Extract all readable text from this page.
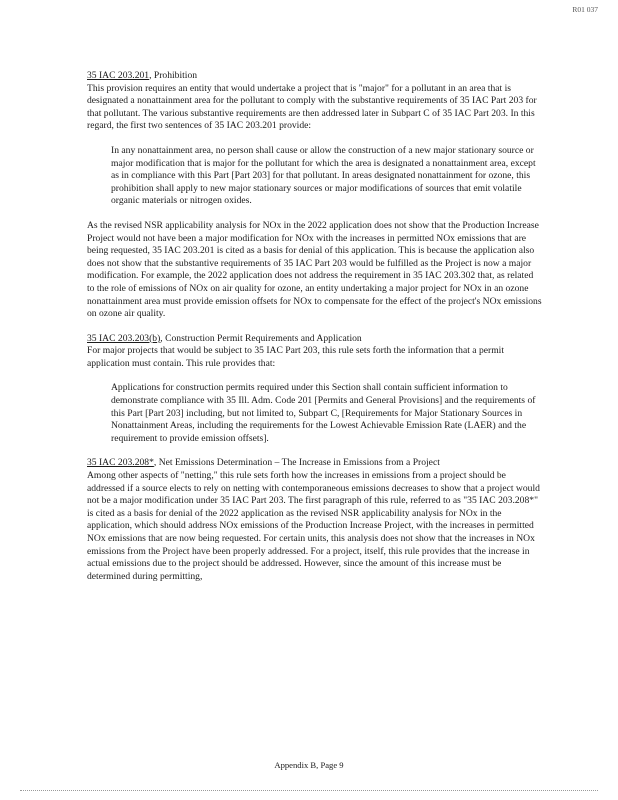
R01 037

35 IAC 203.201, Prohibition

This provision requires an entity that would undertake a project that is "major" for a pollutant in an area that is designated a nonattainment area for the pollutant to comply with the substantive requirements of 35 IAC Part 203 for that pollutant. The various substantive requirements are then addressed later in Subpart C of 35 IAC Part 203. In this regard, the first two sentences of 35 IAC 203.201 provide:

In any nonattainment area, no person shall cause or allow the construction of a new major stationary source or major modification that is major for the pollutant for which the area is designated a nonattainment area, except as in compliance with this Part [Part 203] for that pollutant. In areas designated nonattainment for ozone, this prohibition shall apply to new major stationary sources or major modifications of sources that emit volatile organic materials or nitrogen oxides.

As the revised NSR applicability analysis for NOx in the 2022 application does not show that the Production Increase Project would not have been a major modification for NOx with the increases in permitted NOx emissions that are being requested, 35 IAC 203.201 is cited as a basis for denial of this application. This is because the application also does not show that the substantive requirements of 35 IAC Part 203 would be fulfilled as the Project is now a major modification. For example, the 2022 application does not address the requirement in 35 IAC 203.302 that, as related to the role of emissions of NOx on air quality for ozone, an entity undertaking a major project for NOx in an ozone nonattainment area must provide emission offsets for NOx to compensate for the effect of the project's NOx emissions on ozone air quality.

35 IAC 203.203(b), Construction Permit Requirements and Application

For major projects that would be subject to 35 IAC Part 203, this rule sets forth the information that a permit application must contain. This rule provides that:

Applications for construction permits required under this Section shall contain sufficient information to demonstrate compliance with 35 Ill. Adm. Code 201 [Permits and General Provisions] and the requirements of this Part [Part 203] including, but not limited to, Subpart C, [Requirements for Major Stationary Sources in Nonattainment Areas, including the requirements for the Lowest Achievable Emission Rate (LAER) and the requirement to provide emission offsets].

35 IAC 203.208*, Net Emissions Determination – The Increase in Emissions from a Project

Among other aspects of "netting," this rule sets forth how the increases in emissions from a project should be addressed if a source elects to rely on netting with contemporaneous emissions decreases to show that a project would not be a major modification under 35 IAC Part 203. The first paragraph of this rule, referred to as "35 IAC 203.208*" is cited as a basis for denial of the 2022 application as the revised NSR applicability analysis for NOx in the application, which should address NOx emissions of the Production Increase Project, with the increases in permitted NOx emissions that are now being requested. For certain units, this analysis does not show that the increases in NOx emissions from the Project have been properly addressed. For a project, itself, this rule provides that the increase in actual emissions due to the project should be addressed. However, since the amount of this increase must be determined during permitting,

Appendix B, Page 9
